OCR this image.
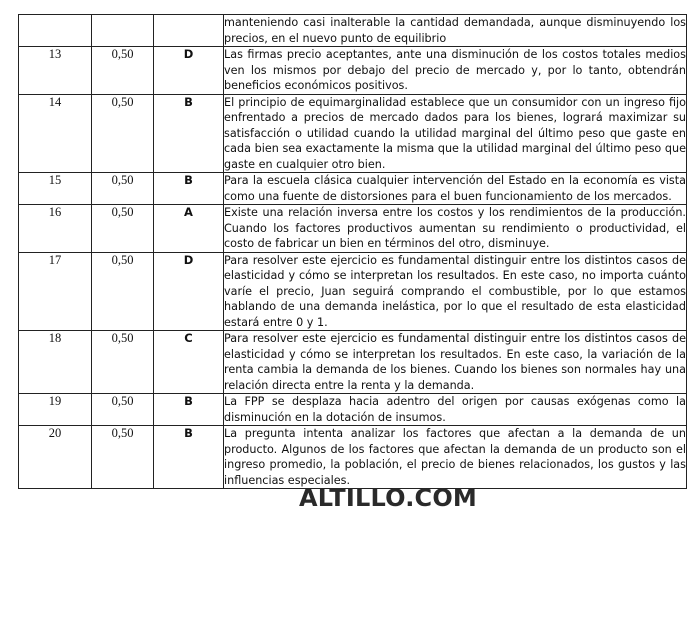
			manteniendo casi inalterable la cantidad demandada, aunque disminuyendo los precios, en el nuevo punto de equilibrio
13	0,50	D	Las firmas precio aceptantes, ante una disminución de los costos totales medios ven los mismos por debajo del precio de mercado y, por lo tanto, obtendrán beneficios económicos positivos.
14	0,50	B	El principio de equimarginalidad establece que un consumidor con un ingreso fijo enfrentado a precios de mercado dados para los bienes, logrará maximizar su satisfacción o utilidad cuando la utilidad marginal del último peso que gaste en cada bien sea exactamente la misma que la utilidad marginal del último peso que gaste en cualquier otro bien.
15	0,50	B	Para la escuela clásica cualquier intervención del Estado en la economía es vista como una fuente de distorsiones para el buen funcionamiento de los mercados.
16	0,50	A	Existe una relación inversa entre los costos y los rendimientos de la producción. Cuando los factores productivos aumentan su rendimiento o productividad, el costo de fabricar un bien en términos del otro, disminuye.
17	0,50	D	Para resolver este ejercicio es fundamental distinguir entre los distintos casos de elasticidad y cómo se interpretan los resultados. En este caso, no importa cuánto varíe el precio, Juan seguirá comprando el combustible, por lo que estamos hablando de una demanda inelástica, por lo que el resultado de esta elasticidad estará entre 0 y 1.
18	0,50	C	Para resolver este ejercicio es fundamental distinguir entre los distintos casos de elasticidad y cómo se interpretan los resultados. En este caso, la variación de la renta cambia la demanda de los bienes. Cuando los bienes son normales hay una relación directa entre la renta y la demanda.
19	0,50	B	La FPP se desplaza hacia adentro del origen por causas exógenas como la disminución en la dotación de insumos.
20	0,50	B	La pregunta intenta analizar los factores que afectan a la demanda de un producto. Algunos de los factores que afectan la demanda de un producto son el ingreso promedio, la población, el precio de bienes relacionados, los gustos y las influencias especiales.
ALTILLO.COM
